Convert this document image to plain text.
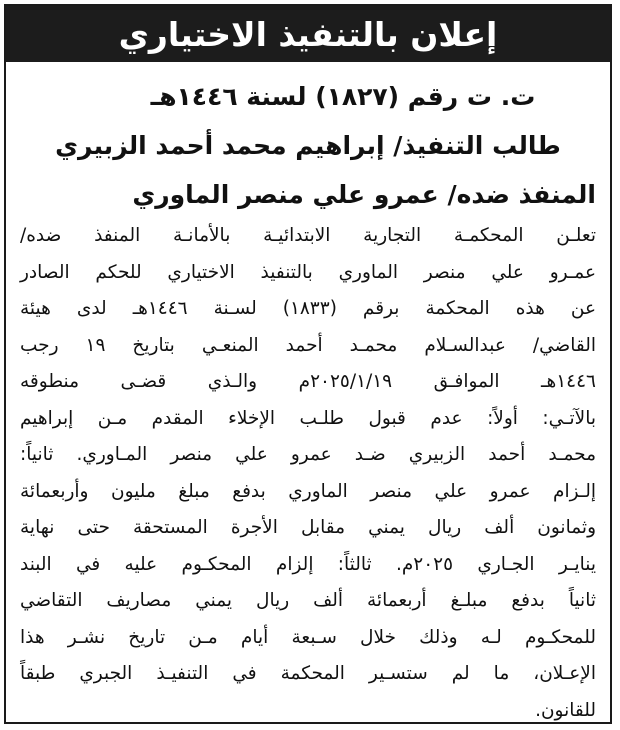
إعلان بالتنفيذ الاختياري
ت. ت رقم (١٨٢٧) لسنة ١٤٤٦هـ
طالب التنفيذ/ إبراهيم محمد أحمد الزبيري
المنفذ ضده/ عمرو علي منصر الماوري
تعلـن المحكمـة التجارية الابتدائيـة بالأمانـة المنفذ ضده/
عمـرو علي منصر الماوري بالتنفيذ الاختياري للحكم الصادر
عن هذه المحكمة برقم (١٨٣٣) لسـنة ١٤٤٦هـ لدى هيئة
القاضي/ عبدالسـلام محمـد أحمد المنعـي بتاريخ ١٩ رجب
١٤٤٦هـ الموافـق ٢٠٢٥/١/١٩م والـذي قضـى منطوقه
بالآتـي: أولاً: عدم قبول طلـب الإخلاء المقدم مـن إبراهيم
محمـد أحمد الزبيري ضـد عمرو علي منصر المـاوري. ثانياً:
إلـزام عمرو علي منصر الماوري بدفع مبلغ مليون وأربعمائة
وثمانون ألف ريال يمني مقابل الأجرة المستحقة حتى نهاية
ينايـر الجـاري ٢٠٢٥م. ثالثاً: إلزام المحكـوم عليه في البند
ثانياً بدفع مبلـغ أربعمائة ألف ريال يمني مصاريف التقاضي
للمحكـوم لـه وذلك خلال سـبعة أيام مـن تاريخ نشـر هذا
الإعـلان، ما لم ستسـير المحكمة في التنفيـذ الجبري طبقاً
للقانون.
